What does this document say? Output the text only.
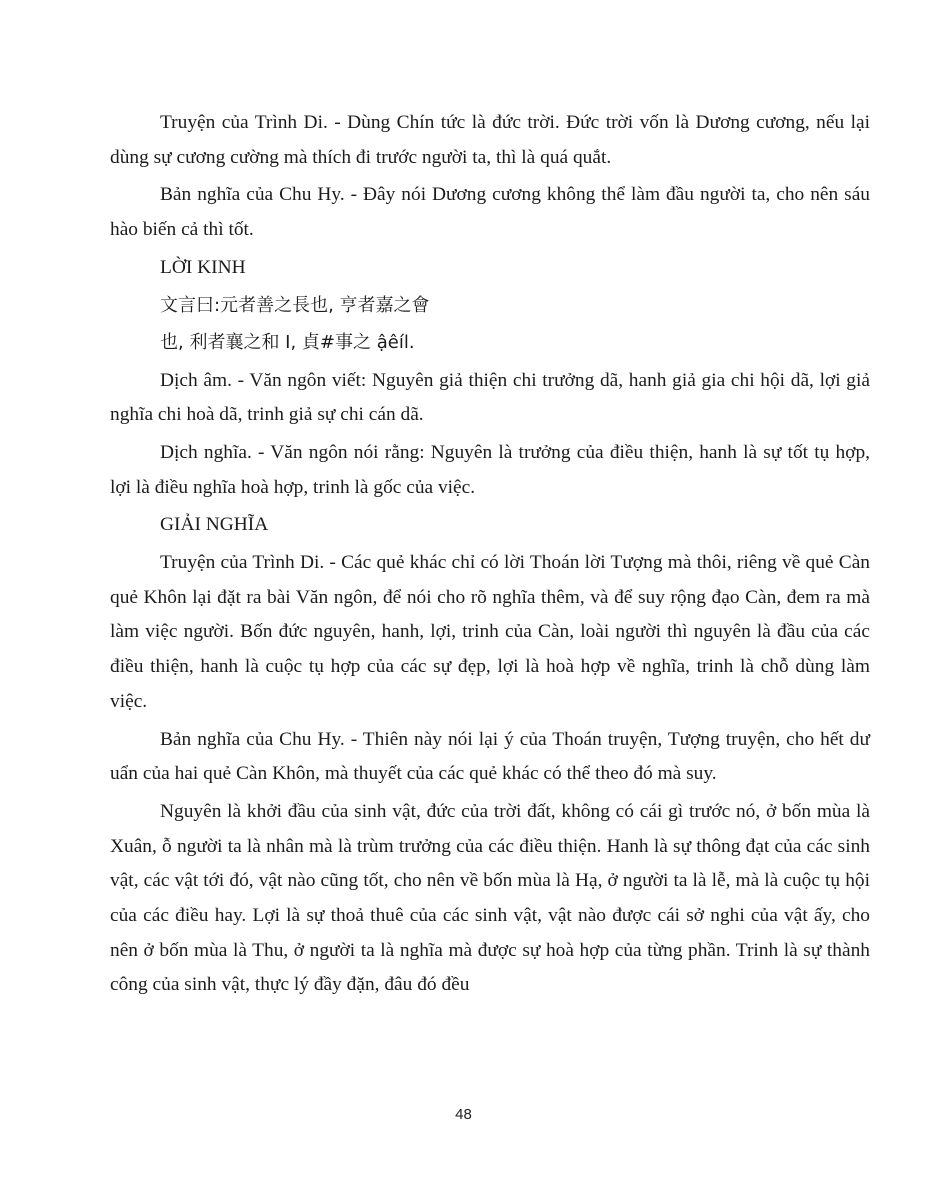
Truyện của Trình Di. - Dùng Chín tức là đức trời. Đức trời vốn là Dương cương, nếu lại dùng sự cương cường mà thích đi trước người ta, thì là quá quắt.

Bản nghĩa của Chu Hy. - Đây nói Dương cương không thể làm đầu người ta, cho nên sáu hào biến cả thì tốt.

LỜI KINH

文言曰:元者善之長也, 亨者嘉之會

也, 利者襄之和 I, 貞#事之 ậêíl.

Dịch âm. - Văn ngôn viết: Nguyên giả thiện chi trưởng dã, hanh giả gia chi hội dã, lợi giả nghĩa chi hoà dã, trinh giả sự chi cán dã.

Dịch nghĩa. - Văn ngôn nói rằng: Nguyên là trưởng của điều thiện, hanh là sự tốt tụ hợp, lợi là điều nghĩa hoà hợp, trinh là gốc của việc.

GIẢI NGHĨA

Truyện của Trình Di. - Các quẻ khác chỉ có lời Thoán lời Tượng mà thôi, riêng về quẻ Càn quẻ Khôn lại đặt ra bài Văn ngôn, để nói cho rõ nghĩa thêm, và để suy rộng đạo Càn, đem ra mà làm việc người. Bốn đức nguyên, hanh, lợi, trinh của Càn, loài người thì nguyên là đầu của các điều thiện, hanh là cuộc tụ hợp của các sự đẹp, lợi là hoà hợp về nghĩa, trinh là chỗ dùng làm việc.

Bản nghĩa của Chu Hy. - Thiên này nói lại ý của Thoán truyện, Tượng truyện, cho hết dư uẩn của hai quẻ Càn Khôn, mà thuyết của các quẻ khác có thể theo đó mà suy.

Nguyên là khởi đầu của sinh vật, đức của trời đất, không có cái gì trước nó, ở bốn mùa là Xuân, ỗ người ta là nhân mà là trùm trưởng của các điều thiện. Hanh là sự thông đạt của các sinh vật, các vật tới đó, vật nào cũng tốt, cho nên về bốn mùa là Hạ, ở người ta là lễ, mà là cuộc tụ hội của các điều hay. Lợi là sự thoả thuê của các sinh vật, vật nào được cái sở nghi của vật ấy, cho nên ở bốn mùa là Thu, ở người ta là nghĩa mà được sự hoà hợp của từng phần. Trinh là sự thành công của sinh vật, thực lý đầy đặn, đâu đó đều

48
